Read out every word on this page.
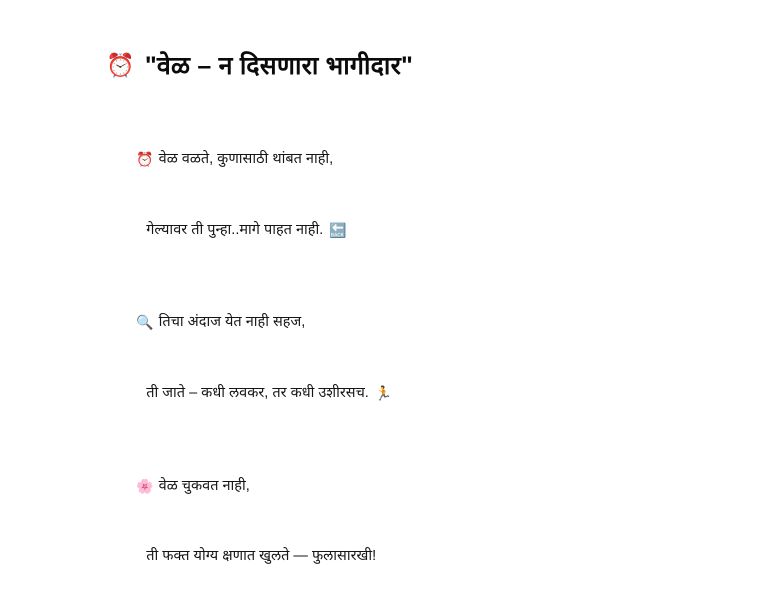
⏰ "वेळ – न दिसणारा भागीदार"

⏰ वेळ वळते, कुणासाठी थांबत नाही,

गेल्यावर ती पुन्हा..मागे पाहत नाही. 🔙

🔍 तिचा अंदाज येत नाही सहज,

ती जाते – कधी लवकर, तर कधी उशीरसच. 🏃

🌸 वेळ चुकवत नाही,

ती फक्त योग्य क्षणात खुलते — फुलासारखी!
